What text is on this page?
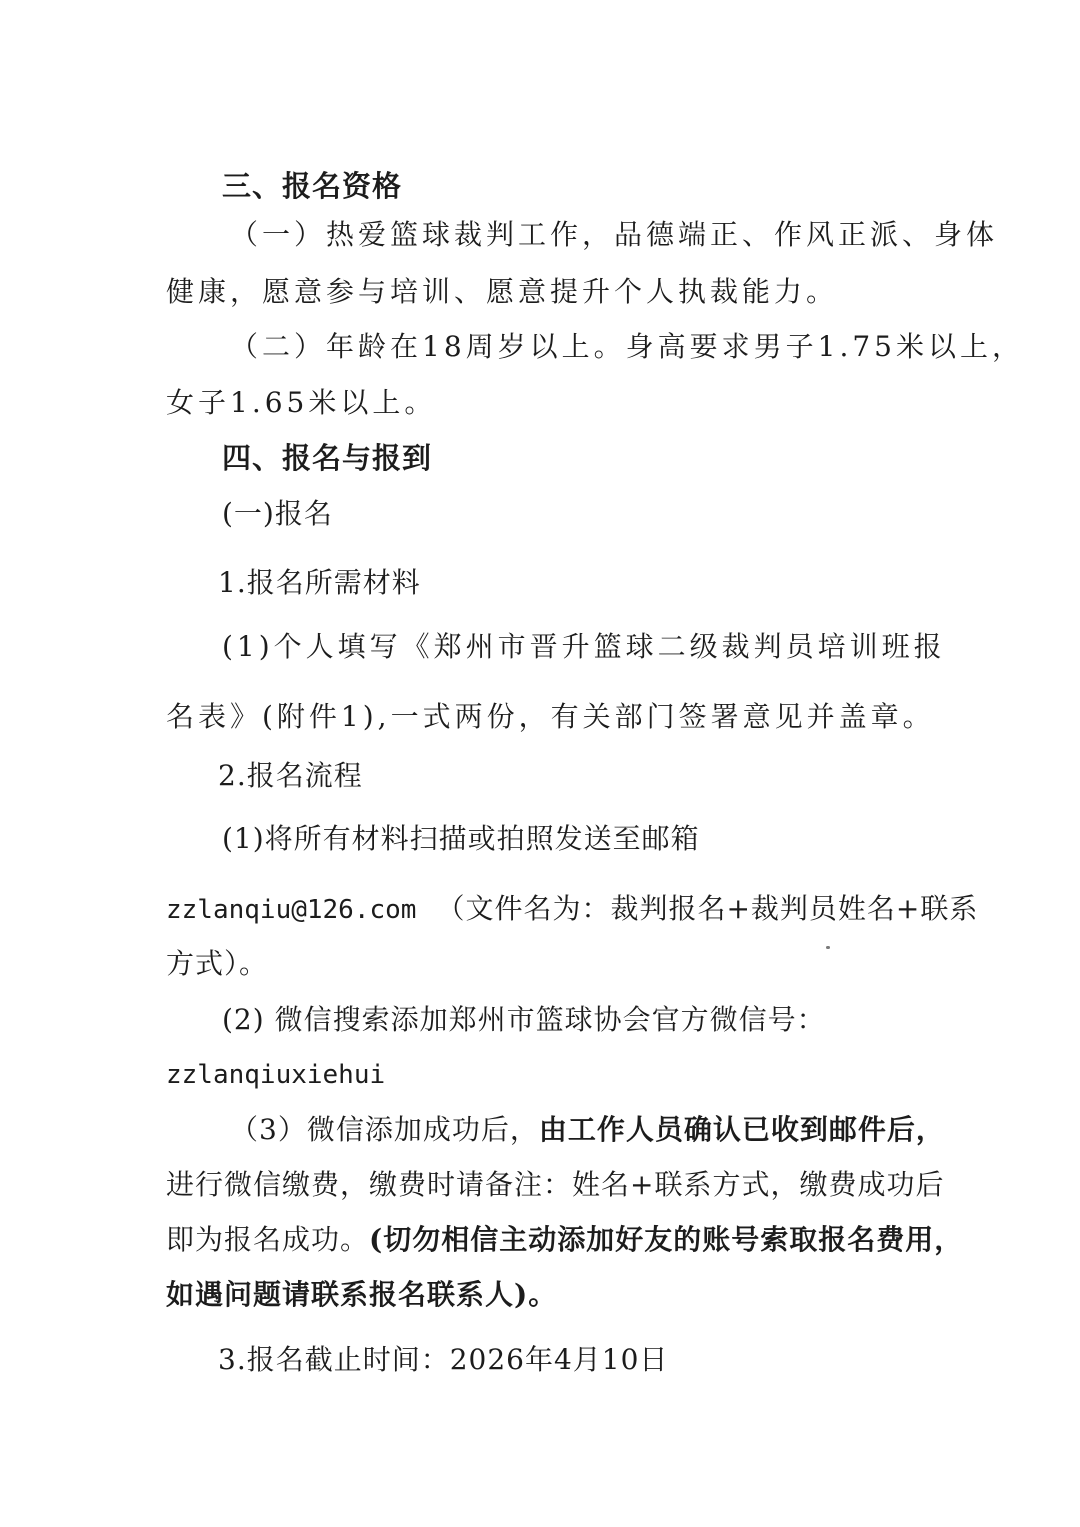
三、报名资格
（一）热爱篮球裁判工作，品德端正、作风正派、身体
健康，愿意参与培训、愿意提升个人执裁能力。
（二）年龄在18周岁以上。身高要求男子1.75米以上，
女子1.65米以上。
四、报名与报到
(一)报名
1.报名所需材料
(1)个人填写《郑州市晋升篮球二级裁判员培训班报
名表》(附件1),一式两份，有关部门签署意见并盖章。
2.报名流程
(1)将所有材料扫描或拍照发送至邮箱
zzlanqiu@126.com （文件名为：裁判报名+裁判员姓名+联系
方式）。
(2) 微信搜索添加郑州市篮球协会官方微信号：
zzlanqiuxiehui
（3）微信添加成功后，由工作人员确认已收到邮件后，
进行微信缴费，缴费时请备注：姓名+联系方式，缴费成功后
即为报名成功。(切勿相信主动添加好友的账号索取报名费用，
如遇问题请联系报名联系人)。
3.报名截止时间：2026年4月10日
